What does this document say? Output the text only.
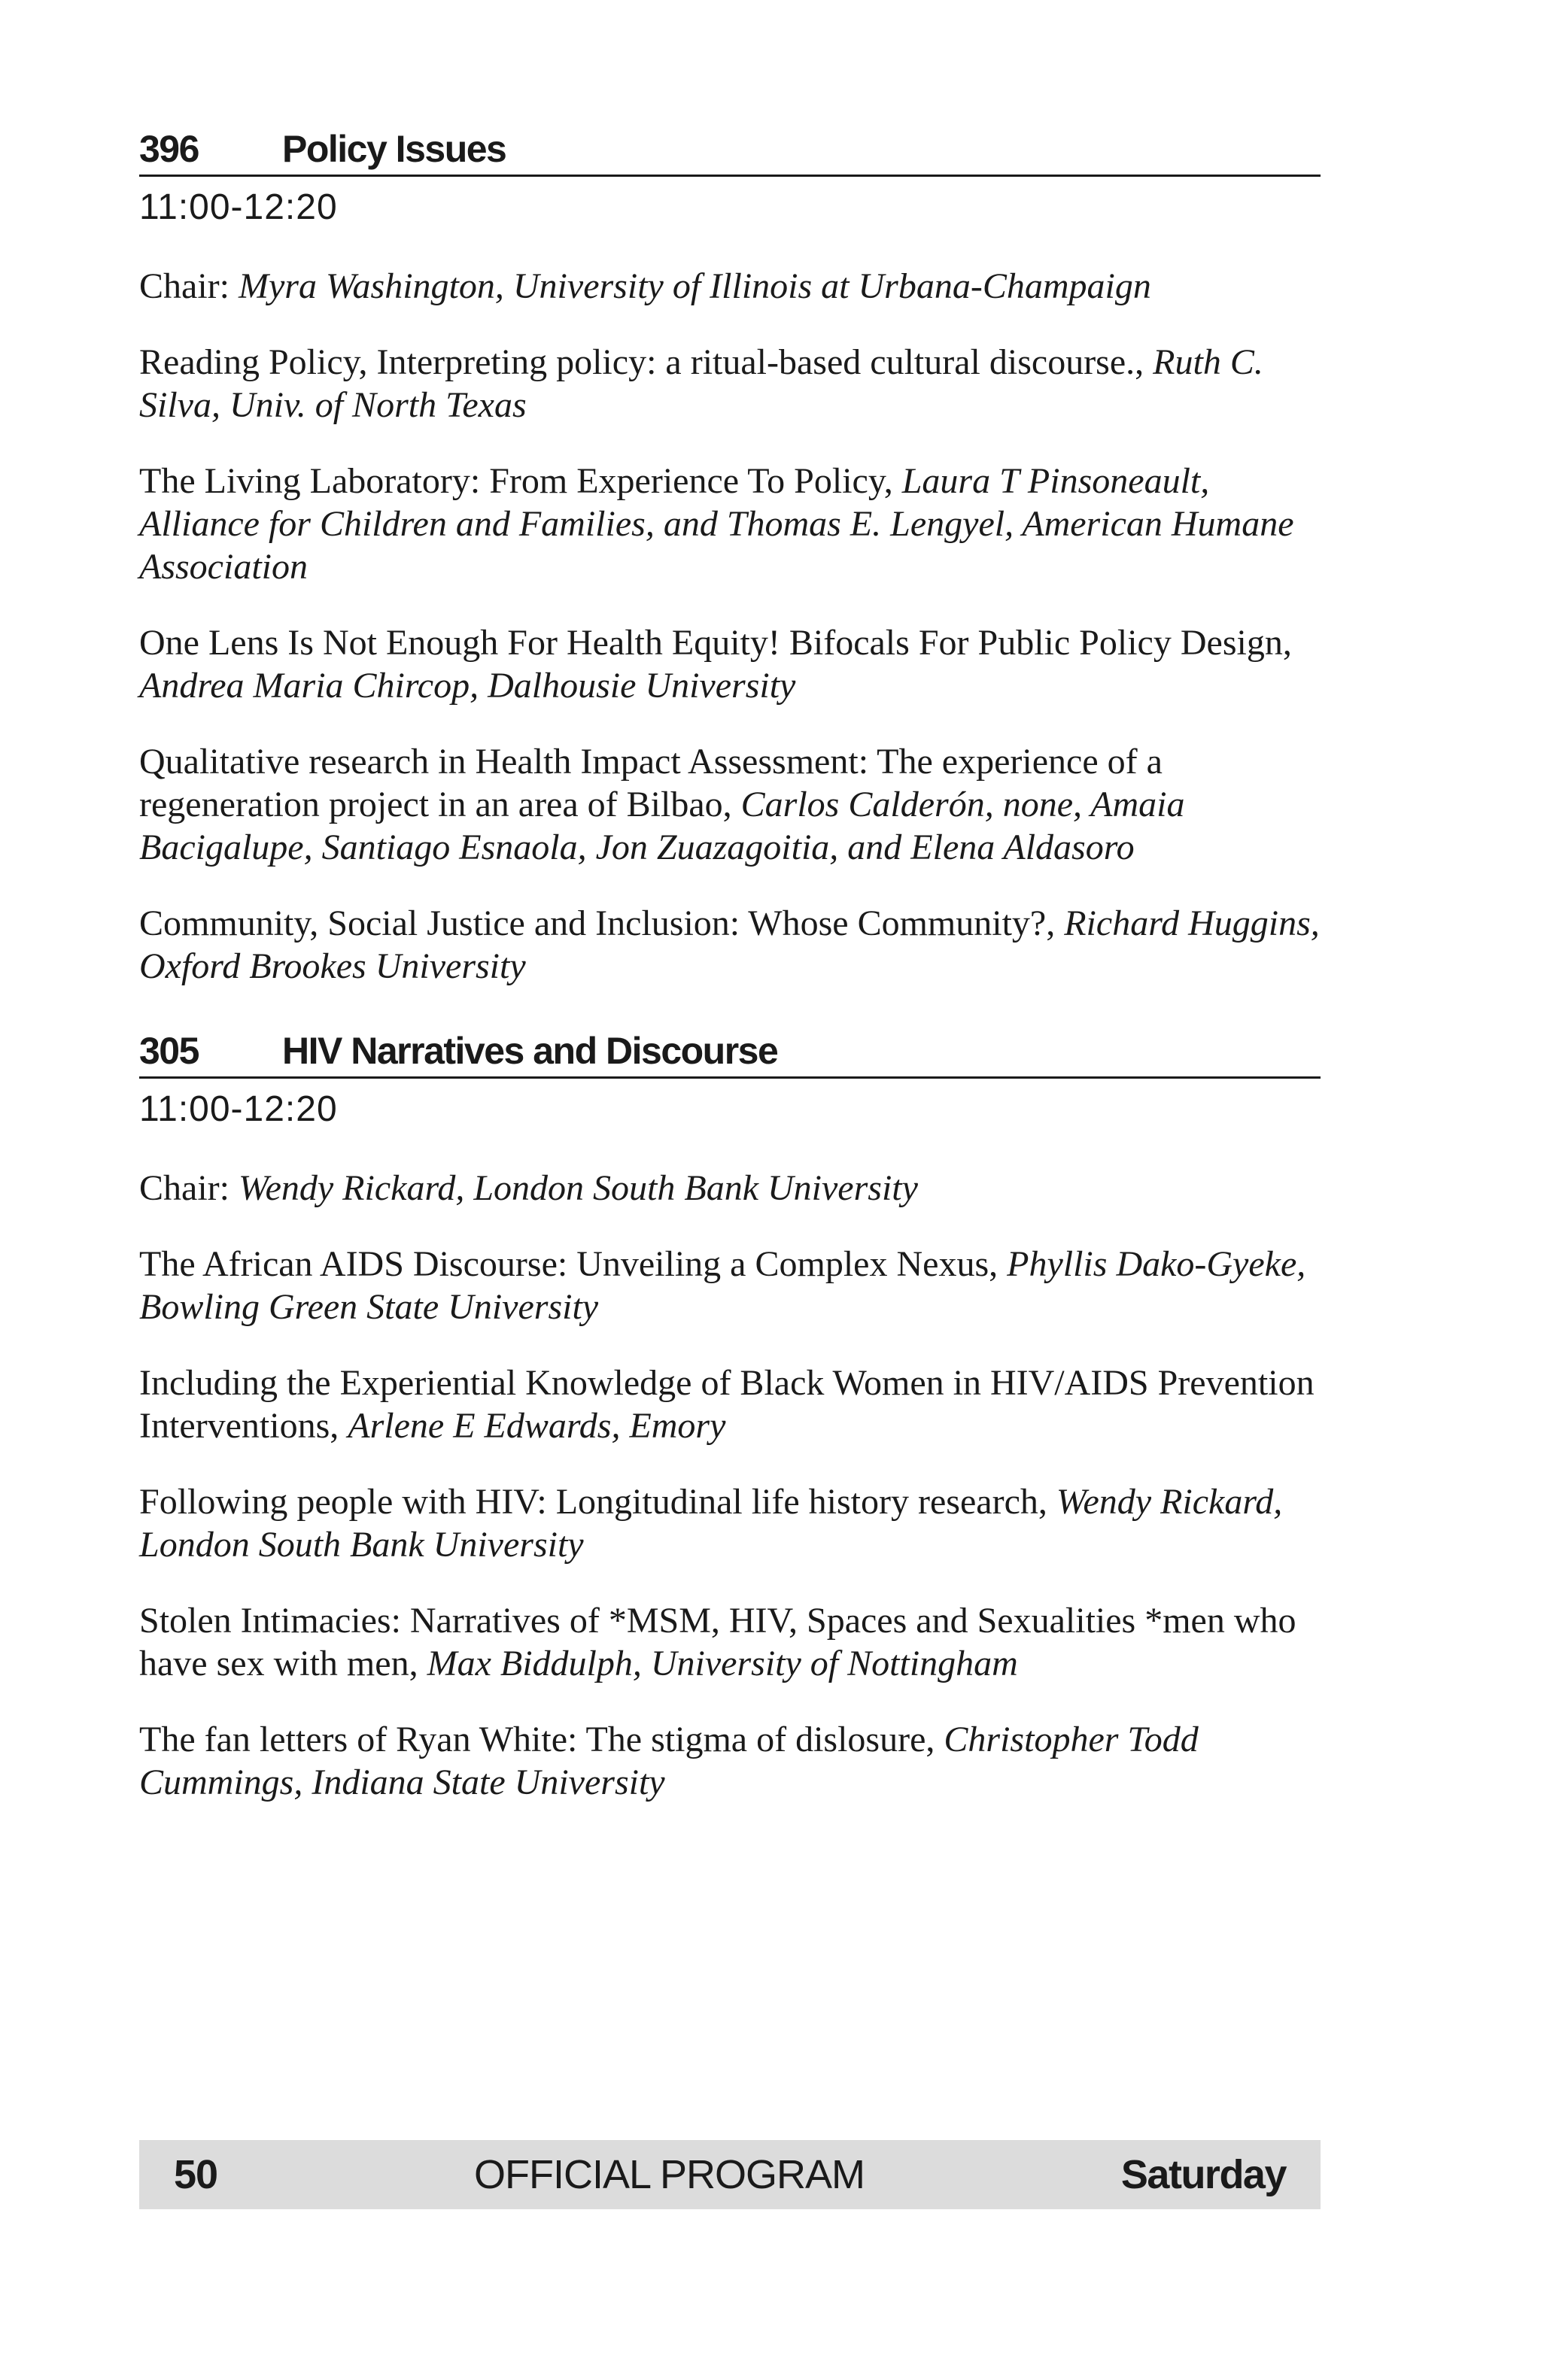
396	Policy Issues
11:00-12:20
Chair: Myra Washington, University of Illinois at Urbana-Champaign
Reading Policy, Interpreting policy: a ritual-based cultural discourse., Ruth C. Silva, Univ. of North Texas
The Living Laboratory: From Experience To Policy, Laura T Pinsoneault, Alliance for Children and Families, and Thomas E. Lengyel, American Humane Association
One Lens Is Not Enough For Health Equity! Bifocals For Public Policy Design, Andrea Maria Chircop, Dalhousie University
Qualitative research in Health Impact Assessment: The experience of a regeneration project in an area of Bilbao, Carlos Calderón, none, Amaia Bacigalupe, Santiago Esnaola, Jon Zuazagoitia, and Elena Aldasoro
Community, Social Justice and Inclusion: Whose Community?, Richard Huggins, Oxford Brookes University
305	HIV Narratives and Discourse
11:00-12:20
Chair: Wendy Rickard, London South Bank University
The African AIDS Discourse: Unveiling a Complex Nexus, Phyllis Dako-Gyeke, Bowling Green State University
Including the Experiential Knowledge of Black Women in HIV/AIDS Prevention Interventions, Arlene E Edwards, Emory
Following people with HIV: Longitudinal life history research, Wendy Rickard, London South Bank University
Stolen Intimacies: Narratives of *MSM, HIV, Spaces and Sexualities *men who have sex with men, Max Biddulph, University of Nottingham
The fan letters of Ryan White: The stigma of dislosure, Christopher Todd Cummings, Indiana State University
50	OFFICIAL PROGRAM	Saturday
